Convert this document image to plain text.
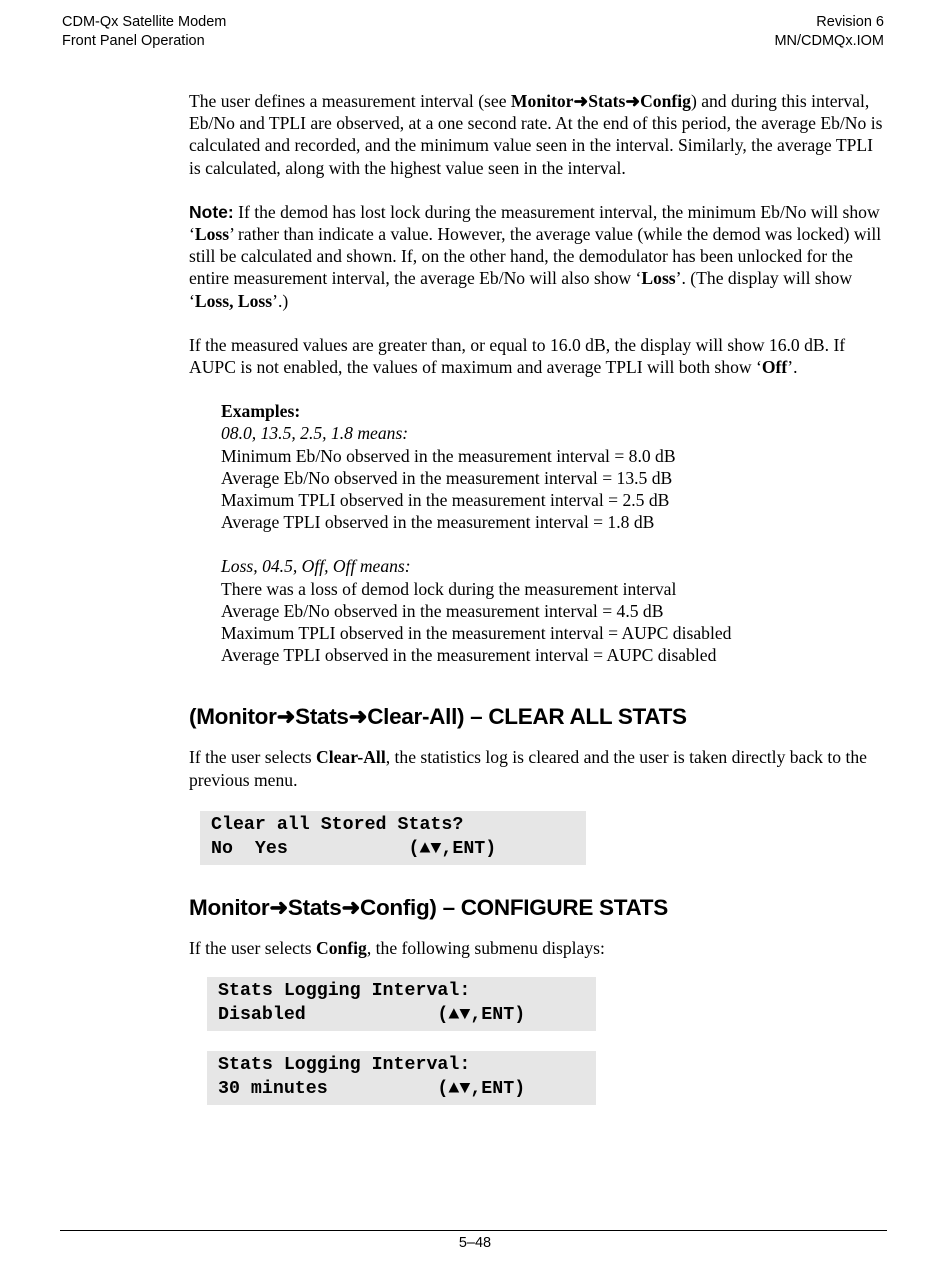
CDM-Qx Satellite Modem
Front Panel Operation
Revision 6
MN/CDMQx.IOM

The user defines a measurement interval (see Monitor➜Stats➜Config) and during this interval, Eb/No and TPLI are observed, at a one second rate. At the end of this period, the average Eb/No is calculated and recorded, and the minimum value seen in the interval. Similarly, the average TPLI is calculated, along with the highest value seen in the interval.

Note: If the demod has lost lock during the measurement interval, the minimum Eb/No will show ‘Loss’ rather than indicate a value. However, the average value (while the demod was locked) will still be calculated and shown. If, on the other hand, the demodulator has been unlocked for the entire measurement interval, the average Eb/No will also show ‘Loss’. (The display will show ‘Loss, Loss’.)

If the measured values are greater than, or equal to 16.0 dB, the display will show 16.0 dB. If AUPC is not enabled, the values of maximum and average TPLI will both show ‘Off’.

Examples:
08.0, 13.5, 2.5, 1.8 means:
Minimum Eb/No observed in the measurement interval = 8.0 dB
Average Eb/No observed in the measurement interval = 13.5 dB
Maximum TPLI observed in the measurement interval = 2.5 dB
Average TPLI observed in the measurement interval = 1.8 dB
Loss, 04.5, Off, Off means:
There was a loss of demod lock during the measurement interval
Average Eb/No observed in the measurement interval = 4.5 dB
Maximum TPLI observed in the measurement interval = AUPC disabled
Average TPLI observed in the measurement interval = AUPC disabled
(Monitor➜Stats➜Clear-All) – CLEAR ALL STATS

If the user selects Clear-All, the statistics log is cleared and the user is taken directly back to the previous menu.

Clear all Stored Stats?
No  Yes           (▲▼,ENT)
Monitor➜Stats➜Config) – CONFIGURE STATS

If the user selects Config, the following submenu displays:

Stats Logging Interval:
Disabled            (▲▼,ENT)
Stats Logging Interval:
30 minutes          (▲▼,ENT)
5–48
